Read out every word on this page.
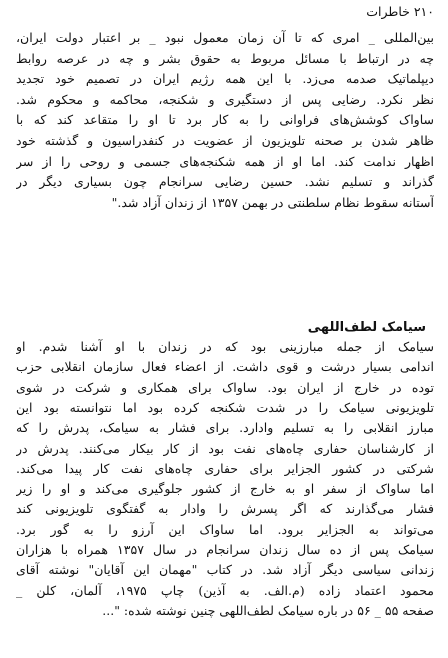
۲۱۰ خاطرات
بین‌المللی _ امری که تا آن زمان معمول نبود _ بر اعتبار دولت ایران،
چه در ارتباط با مسائل مربوط به حقوق بشر و چه در عرصه روابط
دیپلماتیک صدمه می‌زد. با این همه رژیم ایران در تصمیم خود تجدید
نظر نکرد. رضایی پس از دستگیری و شکنجه، محاکمه و محکوم شد.
ساواک کوشش‌های فراوانی را به کار برد تا او را متقاعد کند که با
ظاهر شدن بر صحنه تلویزیون از عضویت در کنفدراسیون و گذشته خود
اظهار ندامت کند. اما او از همه شکنجه‌های جسمی و روحی را از سر
گذراند و تسلیم نشد. حسین رضایی سرانجام چون بسیاری دیگر در
آستانه سقوط نظام سلطنتی در بهمن ۱۳۵۷ از زندان آزاد شد."
سیامک لطف‌اللهی
سیامک از جمله مبارزینی بود که در زندان با او آشنا شدم. او
اندامی بسیار درشت و قوی داشت. از اعضاء فعال سازمان انقلابی حزب
توده در خارج از ایران بود. ساواک برای همکاری و شرکت در شوی
تلویزیونی سیامک را در شدت شکنجه کرده بود اما نتوانسته بود این
مبارز انقلابی را به تسلیم وادارد. برای فشار به سیامک، پدرش را که
از کارشناسان حفاری چاه‌های نفت بود از کار بیکار می‌کنند. پدرش در
شرکتی در کشور الجزایر برای حفاری چاه‌های نفت کار پیدا می‌کند.
اما ساواک از سفر او به خارج از کشور جلوگیری می‌کند و او را زیر
فشار می‌گذارند که اگر پسرش را وادار به گفتگوی تلویزیونی کند
می‌تواند به الجزایر برود. اما ساواک این آرزو را به گور برد.
سیامک پس از ده سال زندان سرانجام در سال ۱۳۵۷ همراه با هزاران
زندانی سیاسی دیگر آزاد شد. در کتاب "مهمان این آقایان" نوشته آقای
محمود اعتماد زاده (م.الف. به آذین) چاپ ۱۹۷۵، آلمان، کلن _
صفحه ۵۵ _ ۵۶ در باره سیامک لطف‌اللهی چنین نوشته شده: "...
